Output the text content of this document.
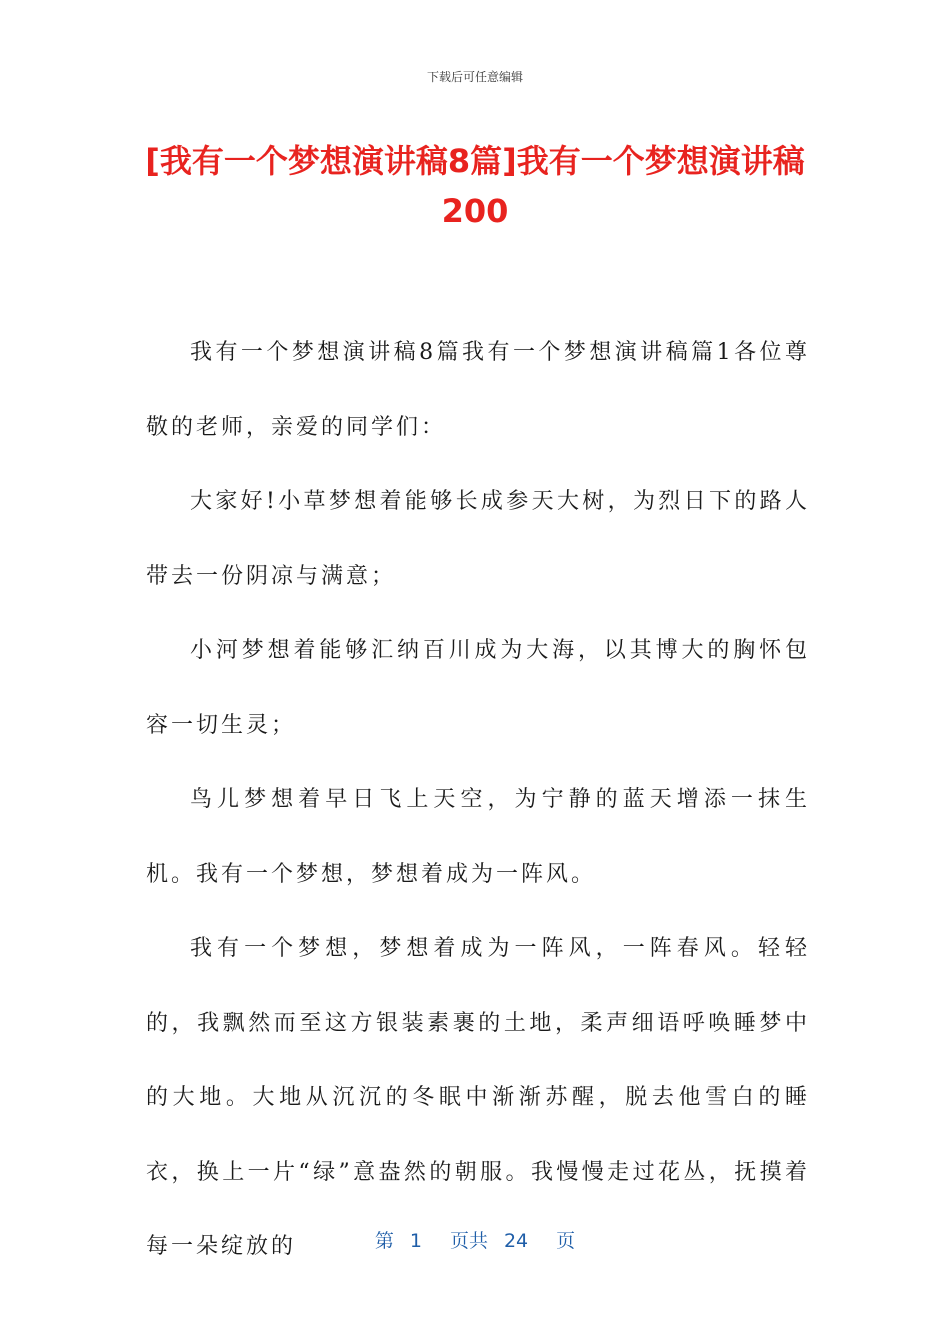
下载后可任意编辑
[我有一个梦想演讲稿8篇]我有一个梦想演讲稿200

我有一个梦想演讲稿8篇我有一个梦想演讲稿篇1各位尊敬的老师，亲爱的同学们：

大家好!小草梦想着能够长成参天大树，为烈日下的路人带去一份阴凉与满意；

小河梦想着能够汇纳百川成为大海，以其博大的胸怀包容一切生灵；

鸟儿梦想着早日飞上天空，为宁静的蓝天增添一抹生机。我有一个梦想，梦想着成为一阵风。

我有一个梦想，梦想着成为一阵风，一阵春风。轻轻的，我飘然而至这方银装素裹的土地，柔声细语呼唤睡梦中的大地。大地从沉沉的冬眠中渐渐苏醒，脱去他雪白的睡衣，换上一片“绿”意盎然的朝服。我慢慢走过花丛，抚摸着每一朵绽放的	第 1 页共 24 页
